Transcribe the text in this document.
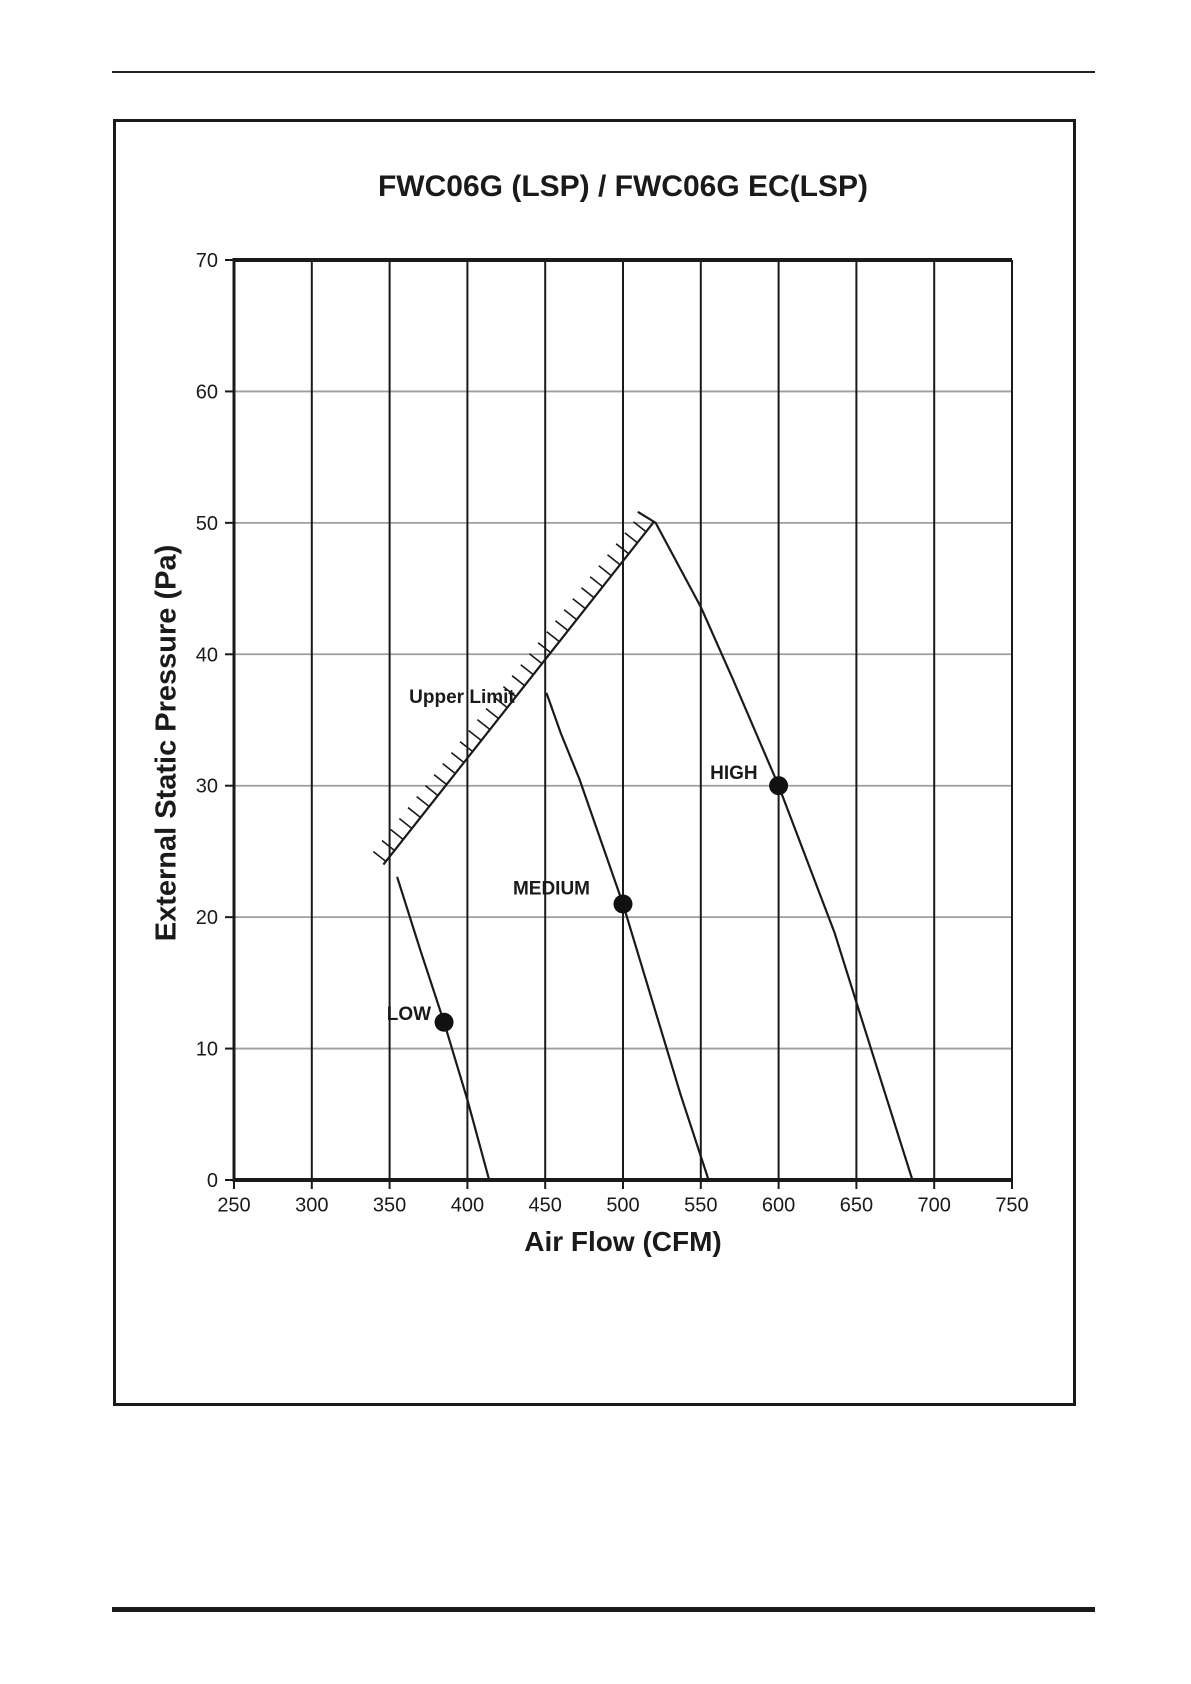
FWC06G (LSP) / FWC06G EC(LSP)
External Static Pressure (Pa)
Air Flow (CFM)
Upper Limit
LOW
MEDIUM
HIGH
250 300 350 400 450 500 550 600 650 700 750
0
10
20
30
40
50
60
70
